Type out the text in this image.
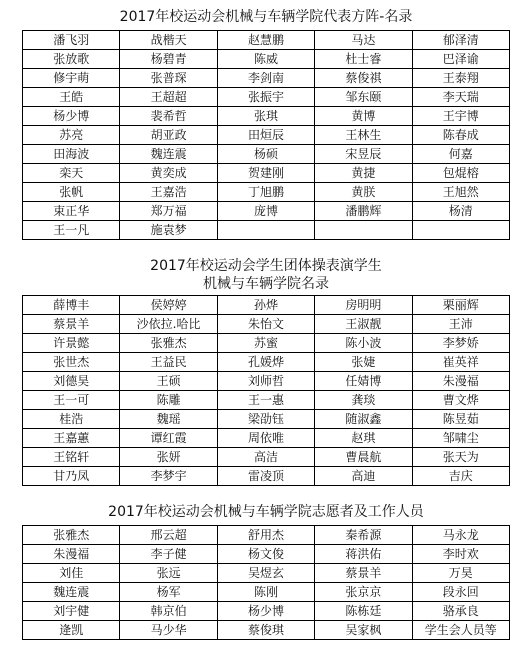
2017年校运动会机械与车辆学院代表方阵-名录
潘飞羽	战楷天	赵慧鹏	马达	郁泽清
张放歌	杨碧青	陈威	杜士睿	巴泽谕
修宇萌	张普琛	李剑南	蔡俊祺	王泰翔
王皓	王超超	张振宇	邹东颐	李天瑞
杨少博	裴希哲	张琪	黄博	王宇博
苏亮	胡亚政	田烜辰	王林生	陈春成
田海波	魏连震	杨硕	宋昱辰	何嘉
栾天	黄奕成	贺建刚	黄捷	包焜榕
张帆	王嘉浩	丁旭鹏	黄朕	王旭然
束正华	郑万福	庞博	潘鹏辉	杨清
王一凡	施袁梦			
2017年校运动会学生团体操表演学生
机械与车辆学院名录
薛博丰	侯婷婷	孙烨	房明明	栗丽辉
蔡景羊	沙依拉.哈比	朱怡文	王淑靓	王沛
许景懿	张雅杰	苏蜜	陈小波	李梦娇
张世杰	王益民	孔媛烨	张婕	崔英祥
刘德昊	王硕	刘师哲	任婧博	朱漫福
王一可	陈雕	王一惠	龚琰	曹文烨
桂浩	魏瑶	梁劭钰	随淑鑫	陈昱茹
王嘉蕙	谭红霞	周依唯	赵琪	邹啸尘
王铭轩	张妍	高洁	曹晨航	张天为
甘乃凤	李梦宇	雷凌顶	高迪	吉庆
2017年校运动会机械与车辆学院志愿者及工作人员
张雅杰	邢云超	舒用杰	秦希源	马永龙
朱漫福	李子健	杨文俊	蒋洪佑	李时欢
刘佳	张远	吴煜玄	蔡景羊	万昊
魏连震	杨军	陈刚	张京京	段永回
刘宇健	韩京伯	杨少博	陈栋廷	骆承良
逄凯	马少华	蔡俊琪	吴家枫	学生会人员等
